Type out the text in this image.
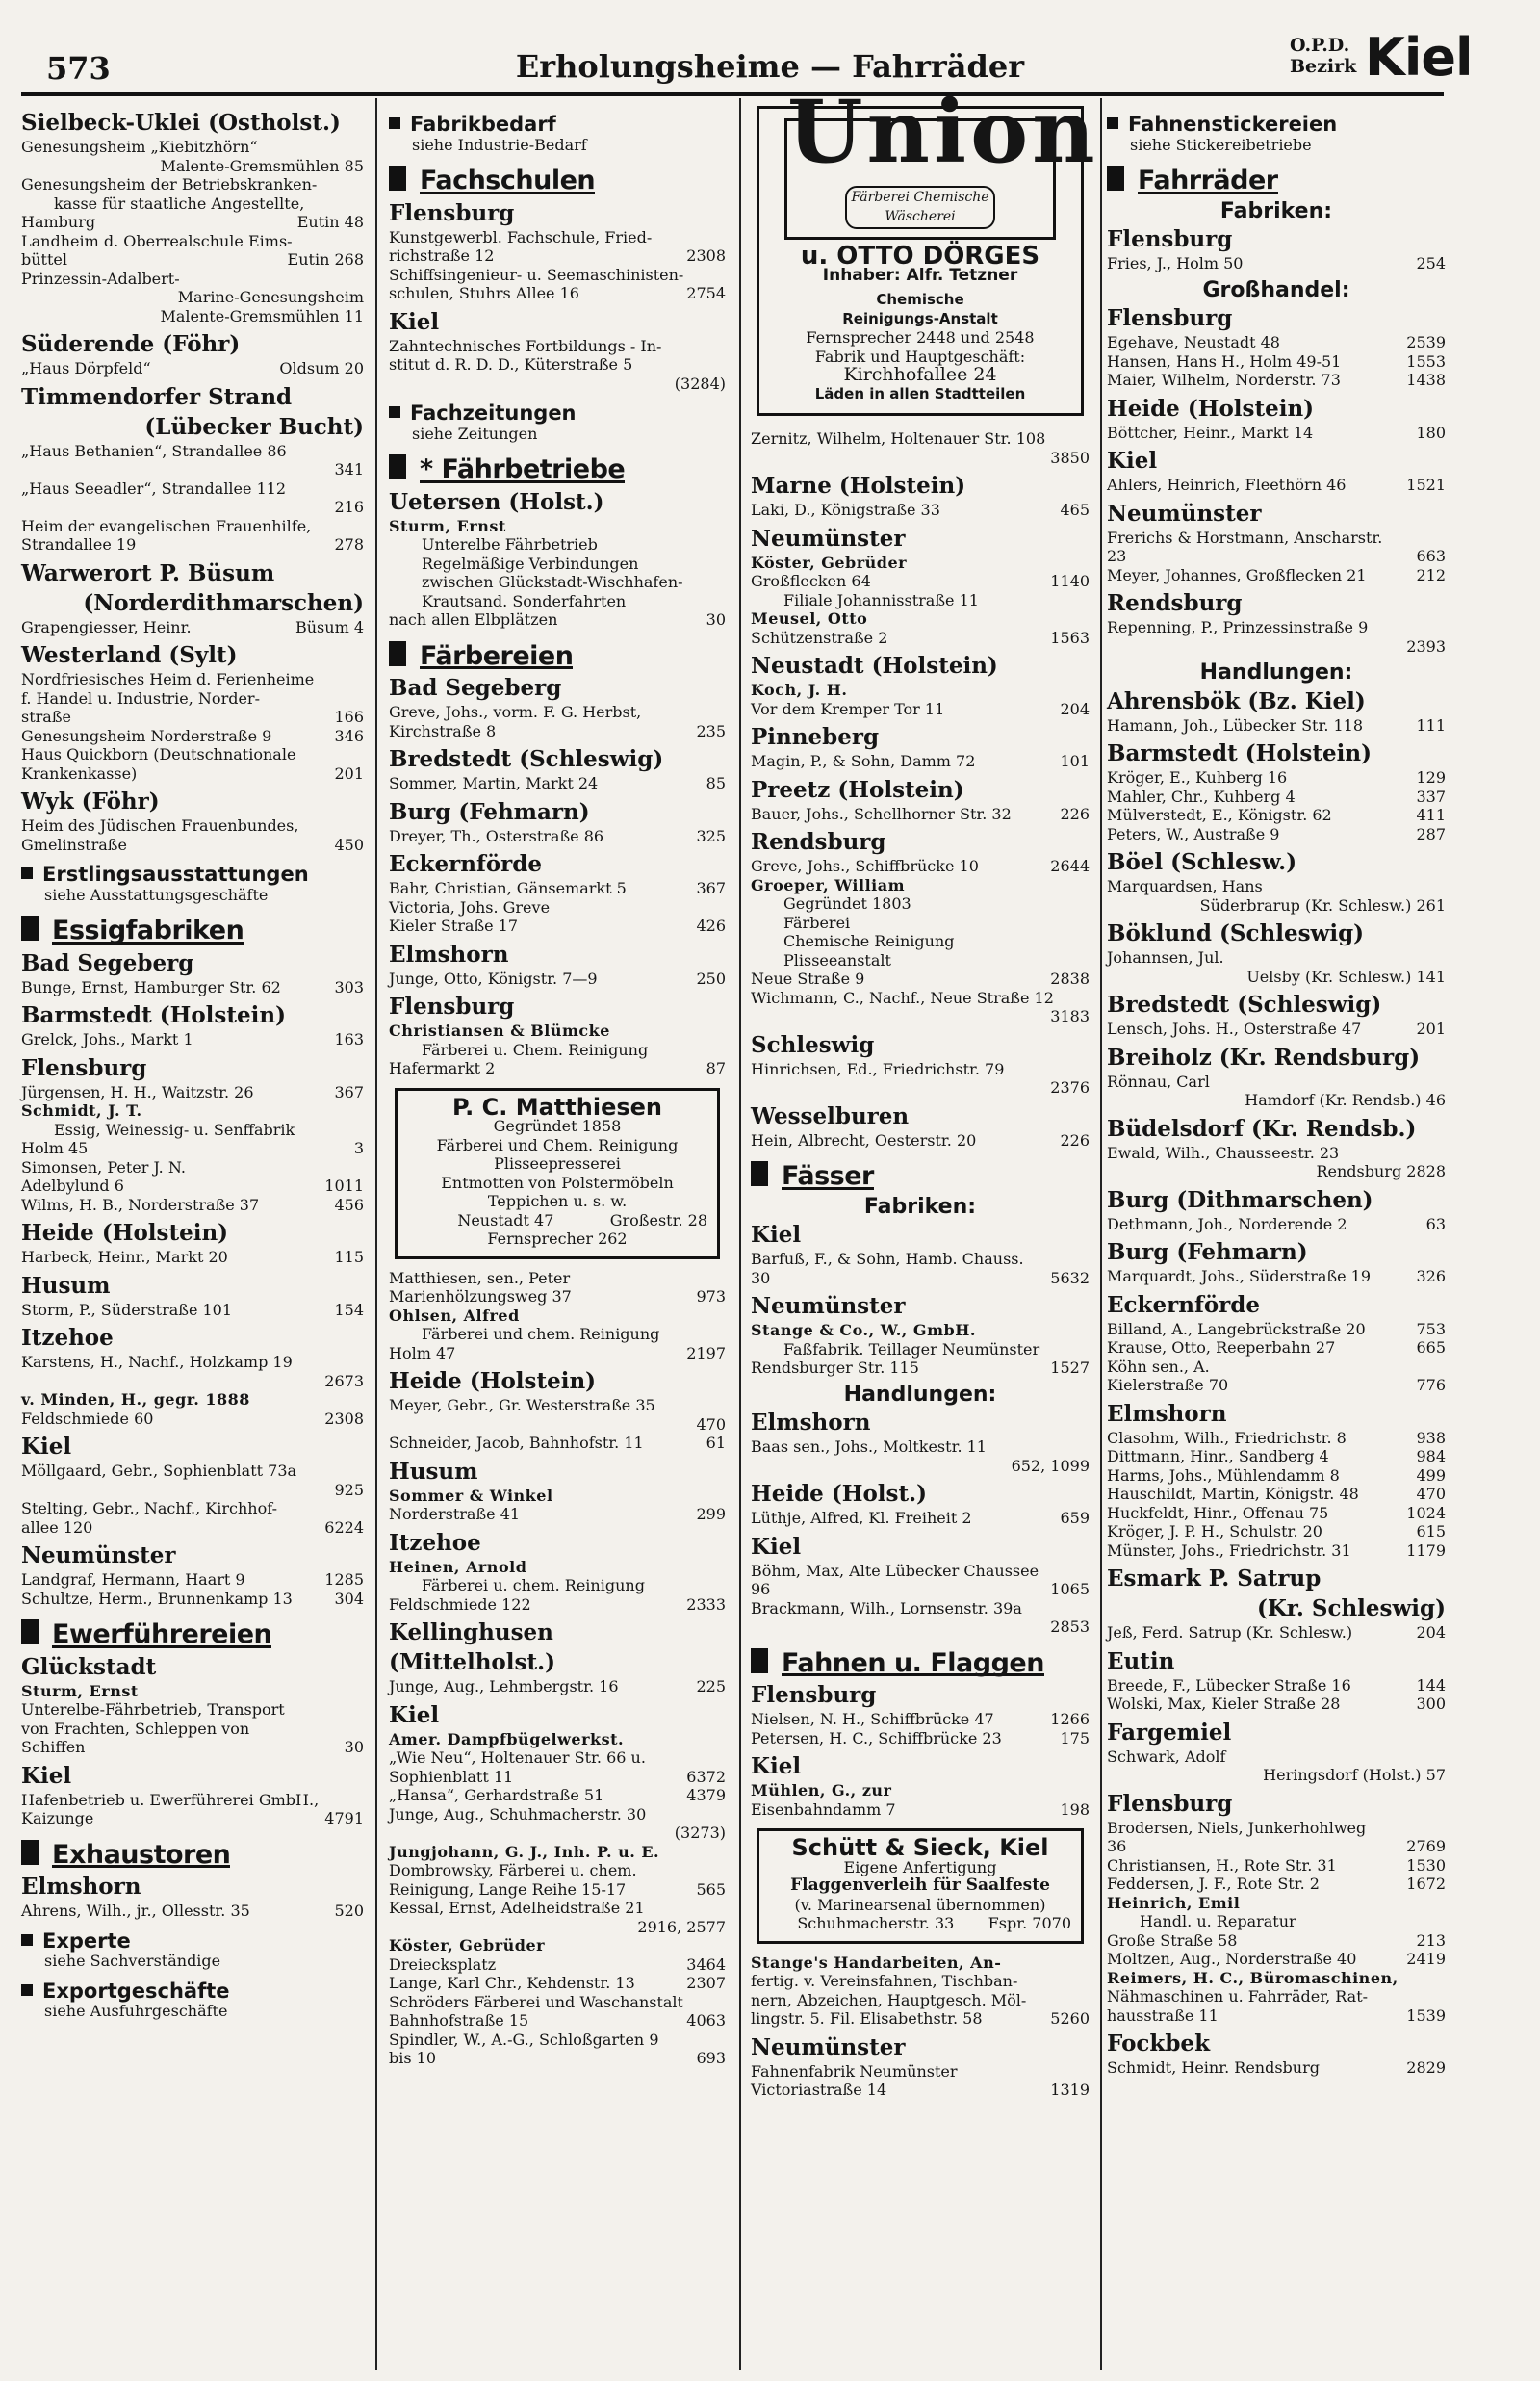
573	Erholungsheime — Fahrräder
O.P.D.
Bezirk Kiel
Sielbeck-Uklei (Ostholst.)
Genesungsheim „Kiebitzhörn“
Malente-Gremsmühlen 85
Genesungsheim der Betriebskranken-
kasse für staatliche Angestellte,
Hamburg	Eutin 48
Landheim d. Oberrealschule Eims-
büttel	Eutin 268
Prinzessin-Adalbert-
Marine-Genesungsheim
Malente-Gremsmühlen 11
Süderende (Föhr)
„Haus Dörpfeld“	Oldsum 20
Timmendorfer Strand
(Lübecker Bucht)
„Haus Bethanien“, Strandallee 86
341
„Haus Seeadler“, Strandallee 112
216
Heim der evangelischen Frauenhilfe,
Strandallee 19	278
Warwerort P. Büsum
(Norderdithmarschen)
Grapengiesser, Heinr.	Büsum 4
Westerland (Sylt)
Nordfriesisches Heim d. Ferienheime
f. Handel u. Industrie, Norder-
straße	166
Genesungsheim Norderstraße 9	346
Haus Quickborn (Deutschnationale
Krankenkasse)	201
Wyk (Föhr)
Heim des Jüdischen Frauenbundes,
Gmelinstraße	450
Erstlingsausstattungen
siehe Ausstattungsgeschäfte
Essigfabriken
Bad Segeberg
Bunge, Ernst, Hamburger Str. 62	303
Barmstedt (Holstein)
Grelck, Johs., Markt 1	163
Flensburg
Jürgensen, H. H., Waitzstr. 26	367
Schmidt, J. T.
Essig, Weinessig- u. Senffabrik
Holm 45	3
Simonsen, Peter J. N.
Adelbylund 6	1011
Wilms, H. B., Norderstraße 37	456
Heide (Holstein)
Harbeck, Heinr., Markt 20	115
Husum
Storm, P., Süderstraße 101	154
Itzehoe
Karstens, H., Nachf., Holzkamp 19
2673
v. Minden, H., gegr. 1888
Feldschmiede 60	2308
Kiel
Möllgaard, Gebr., Sophienblatt 73a
925
Stelting, Gebr., Nachf., Kirchhof-
allee 120	6224
Neumünster
Landgraf, Hermann, Haart 9	1285
Schultze, Herm., Brunnenkamp 13	304
Ewerführereien
Glückstadt
Sturm, Ernst
Unterelbe-Fährbetrieb, Transport
von Frachten, Schleppen von
Schiffen	30
Kiel
Hafenbetrieb u. Ewerführerei GmbH.,
Kaizunge	4791
Exhaustoren
Elmshorn
Ahrens, Wilh., jr., Ollesstr. 35	520
Experte
siehe Sachverständige
Exportgeschäfte
siehe Ausfuhrgeschäfte
Fabrikbedarf
siehe Industrie-Bedarf
Fachschulen
Flensburg
Kunstgewerbl. Fachschule, Fried-
richstraße 12	2308
Schiffsingenieur- u. Seemaschinisten-
schulen, Stuhrs Allee 16	2754
Kiel
Zahntechnisches Fortbildungs - In-
stitut d. R. D. D., Küterstraße 5
(3284)
Fachzeitungen
siehe Zeitungen
* Fährbetriebe
Uetersen (Holst.)
Sturm, Ernst
Unterelbe Fährbetrieb
Regelmäßige Verbindungen
zwischen Glückstadt-Wischhafen-
Krautsand. Sonderfahrten
nach allen Elbplätzen	30
Färbereien
Bad Segeberg
Greve, Johs., vorm. F. G. Herbst,
Kirchstraße 8	235
Bredstedt (Schleswig)
Sommer, Martin, Markt 24	85
Burg (Fehmarn)
Dreyer, Th., Osterstraße 86	325
Eckernförde
Bahr, Christian, Gänsemarkt 5	367
Victoria, Johs. Greve
Kieler Straße 17	426
Elmshorn
Junge, Otto, Königstr. 7—9	250
Flensburg
Christiansen & Blümcke
Färberei u. Chem. Reinigung
Hafermarkt 2	87
P. C. Matthiesen
Gegründet 1858
Färberei und Chem. Reinigung
Plisseepresserei
Entmotten von Polstermöbeln
Teppichen u. s. w.
Neustadt 47	Großestr. 28
Fernsprecher 262
Matthiesen, sen., Peter
Marienhölzungsweg 37	973
Ohlsen, Alfred
Färberei und chem. Reinigung
Holm 47	2197
Heide (Holstein)
Meyer, Gebr., Gr. Westerstraße 35
470
Schneider, Jacob, Bahnhofstr. 11	61
Husum
Sommer & Winkel
Norderstraße 41	299
Itzehoe
Heinen, Arnold
Färberei u. chem. Reinigung
Feldschmiede 122	2333
Kellinghusen (Mittelholst.)
Junge, Aug., Lehmbergstr. 16	225
Kiel
Amer. Dampfbügelwerkst.
„Wie Neu“, Holtenauer Str. 66 u.
Sophienblatt 11	6372
„Hansa“, Gerhardstraße 51	4379
Junge, Aug., Schuhmacherstr. 30
(3273)
Jungjohann, G. J., Inh. P. u. E.
Dombrowsky, Färberei u. chem.
Reinigung, Lange Reihe 15-17	565
Kessal, Ernst, Adelheidstraße 21
2916, 2577
Köster, Gebrüder
Dreiecksplatz	3464
Lange, Karl Chr., Kehdenstr. 13	2307
Schröders Färberei und Waschanstalt
Bahnhofstraße 15	4063
Spindler, W., A.-G., Schloßgarten 9
bis 10	693
Union
Färberei Chemische Wäscherei
u. OTTO DÖRGES
Inhaber: Alfr. Tetzner
Chemische
Reinigungs-Anstalt
Fernsprecher 2448 und 2548
Fabrik und Hauptgeschäft:
Kirchhofallee 24
Läden in allen Stadtteilen
Zernitz, Wilhelm, Holtenauer Str. 108
3850
Marne (Holstein)
Laki, D., Königstraße 33	465
Neumünster
Köster, Gebrüder
Großflecken 64	1140
Filiale Johannisstraße 11
Meusel, Otto
Schützenstraße 2	1563
Neustadt (Holstein)
Koch, J. H.
Vor dem Kremper Tor 11	204
Pinneberg
Magin, P., & Sohn, Damm 72	101
Preetz (Holstein)
Bauer, Johs., Schellhorner Str. 32	226
Rendsburg
Greve, Johs., Schiffbrücke 10	2644
Groeper, William
Gegründet 1803
Färberei
Chemische Reinigung
Plisseeanstalt
Neue Straße 9	2838
Wichmann, C., Nachf., Neue Straße 12
3183
Schleswig
Hinrichsen, Ed., Friedrichstr. 79
2376
Wesselburen
Hein, Albrecht, Oesterstr. 20	226
Fässer
Fabriken:
Kiel
Barfuß, F., & Sohn, Hamb. Chauss.
30	5632
Neumünster
Stange & Co., W., GmbH.
Faßfabrik. Teillager Neumünster
Rendsburger Str. 115	1527
Handlungen:
Elmshorn
Baas sen., Johs., Moltkestr. 11
652, 1099
Heide (Holst.)
Lüthje, Alfred, Kl. Freiheit 2	659
Kiel
Böhm, Max, Alte Lübecker Chaussee
96	1065
Brackmann, Wilh., Lornsenstr. 39a
2853
Fahnen u. Flaggen
Flensburg
Nielsen, N. H., Schiffbrücke 47	1266
Petersen, H. C., Schiffbrücke 23	175
Kiel
Mühlen, G., zur
Eisenbahndamm 7	198
Schütt & Sieck, Kiel
Eigene Anfertigung
Flaggenverleih für Saalfeste
(v. Marinearsenal übernommen)
Schuhmacherstr. 33	Fspr. 7070
Stange's Handarbeiten, An-
fertig. v. Vereinsfahnen, Tischban-
nern, Abzeichen, Hauptgesch. Möl-
lingstr. 5. Fil. Elisabethstr. 58	5260
Neumünster
Fahnenfabrik Neumünster
Victoriastraße 14	1319
Fahnenstickereien
siehe Stickereibetriebe
Fahrräder
Fabriken:
Flensburg
Fries, J., Holm 50	254
Großhandel:
Flensburg
Egehave, Neustadt 48	2539
Hansen, Hans H., Holm 49-51	1553
Maier, Wilhelm, Norderstr. 73	1438
Heide (Holstein)
Böttcher, Heinr., Markt 14	180
Kiel
Ahlers, Heinrich, Fleethörn 46	1521
Neumünster
Frerichs & Horstmann, Anscharstr.
23	663
Meyer, Johannes, Großflecken 21	212
Rendsburg
Repenning, P., Prinzessinstraße 9
2393
Handlungen:
Ahrensbök (Bz. Kiel)
Hamann, Joh., Lübecker Str. 118	111
Barmstedt (Holstein)
Kröger, E., Kuhberg 16	129
Mahler, Chr., Kuhberg 4	337
Mülverstedt, E., Königstr. 62	411
Peters, W., Austraße 9	287
Böel (Schlesw.)
Marquardsen, Hans
Süderbrarup (Kr. Schlesw.) 261
Böklund (Schleswig)
Johannsen, Jul.
Uelsby (Kr. Schlesw.) 141
Bredstedt (Schleswig)
Lensch, Johs. H., Osterstraße 47	201
Breiholz (Kr. Rendsburg)
Rönnau, Carl
Hamdorf (Kr. Rendsb.) 46
Büdelsdorf (Kr. Rendsb.)
Ewald, Wilh., Chausseestr. 23
Rendsburg 2828
Burg (Dithmarschen)
Dethmann, Joh., Norderende 2	63
Burg (Fehmarn)
Marquardt, Johs., Süderstraße 19	326
Eckernförde
Billand, A., Langebrückstraße 20	753
Krause, Otto, Reeperbahn 27	665
Köhn sen., A.
Kielerstraße 70	776
Elmshorn
Clasohm, Wilh., Friedrichstr. 8	938
Dittmann, Hinr., Sandberg 4	984
Harms, Johs., Mühlendamm 8	499
Hauschildt, Martin, Königstr. 48	470
Huckfeldt, Hinr., Offenau 75	1024
Kröger, J. P. H., Schulstr. 20	615
Münster, Johs., Friedrichstr. 31	1179
Esmark P. Satrup
(Kr. Schleswig)
Jeß, Ferd. Satrup (Kr. Schlesw.)	204
Eutin
Breede, F., Lübecker Straße 16	144
Wolski, Max, Kieler Straße 28	300
Fargemiel
Schwark, Adolf
Heringsdorf (Holst.) 57
Flensburg
Brodersen, Niels, Junkerhohlweg
36	2769
Christiansen, H., Rote Str. 31	1530
Feddersen, J. F., Rote Str. 2	1672
Heinrich, Emil
Handl. u. Reparatur
Große Straße 58	213
Moltzen, Aug., Norderstraße 40	2419
Reimers, H. C., Büromaschinen,
Nähmaschinen u. Fahrräder, Rat-
hausstraße 11	1539
Fockbek
Schmidt, Heinr. Rendsburg	2829
